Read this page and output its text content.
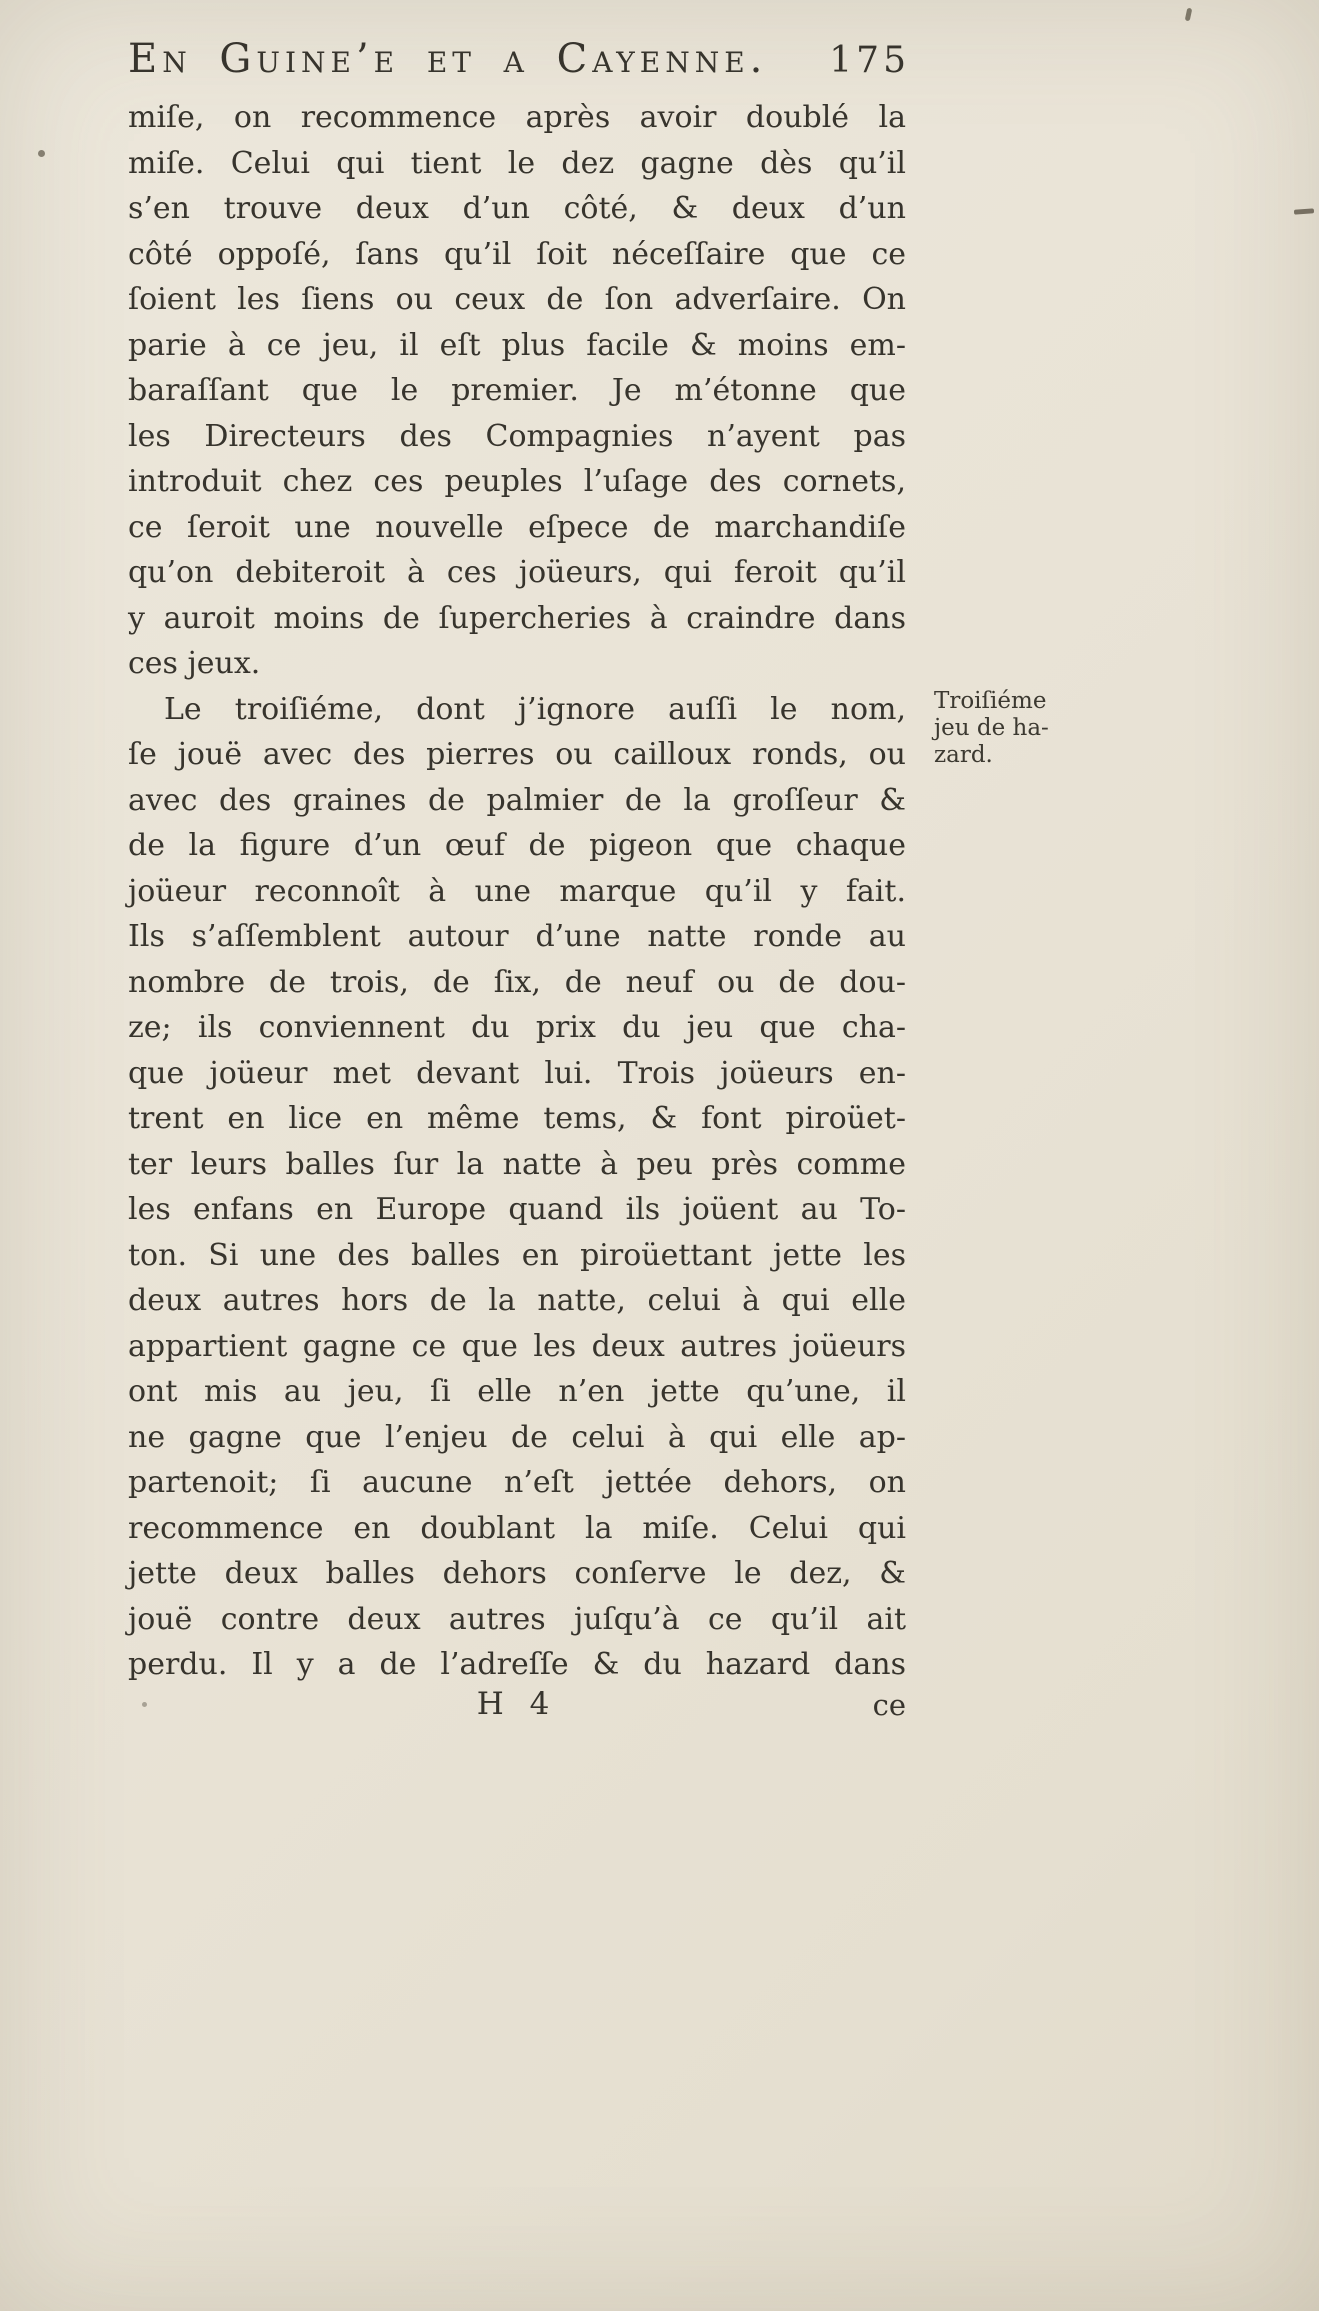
En Guine’e et a Cayenne. 175
miſe, on recommence après avoir doublé la
miſe. Celui qui tient le dez gagne dès qu’il
s’en trouve deux d’un côté, & deux d’un
côté oppoſé, ſans qu’il ſoit néceſſaire que ce
ſoient les ſiens ou ceux de ſon adverſaire. On
parie à ce jeu, il eſt plus facile & moins em-
baraſſant que le premier. Je m’étonne que
les Directeurs des Compagnies n’ayent pas
introduit chez ces peuples l’uſage des cornets,
ce ſeroit une nouvelle eſpece de marchandiſe
qu’on debiteroit à ces joüeurs, qui feroit qu’il
y auroit moins de ſupercheries à craindre dans
ces jeux.
Le troiſiéme, dont j’ignore auſſi le nom,
ſe jouë avec des pierres ou cailloux ronds, ou
avec des graines de palmier de la groſſeur &
de la figure d’un œuf de pigeon que chaque
joüeur reconnoît à une marque qu’il y fait.
Ils s’aſſemblent autour d’une natte ronde au
nombre de trois, de ſix, de neuf ou de dou-
ze; ils conviennent du prix du jeu que cha-
que joüeur met devant lui. Trois joüeurs en-
trent en lice en même tems, & font piroüet-
ter leurs balles ſur la natte à peu près comme
les enfans en Europe quand ils joüent au To-
ton. Si une des balles en piroüettant jette les
deux autres hors de la natte, celui à qui elle
appartient gagne ce que les deux autres joüeurs
ont mis au jeu, ſi elle n’en jette qu’une, il
ne gagne que l’enjeu de celui à qui elle ap-
partenoit; ſi aucune n’eſt jettée dehors, on
recommence en doublant la miſe. Celui qui
jette deux balles dehors conſerve le dez, &
jouë contre deux autres juſqu’à ce qu’il ait
perdu. Il y a de l’adreſſe & du hazard dans
Troiſiéme
jeu de ha-
zard.
H 4	ce
